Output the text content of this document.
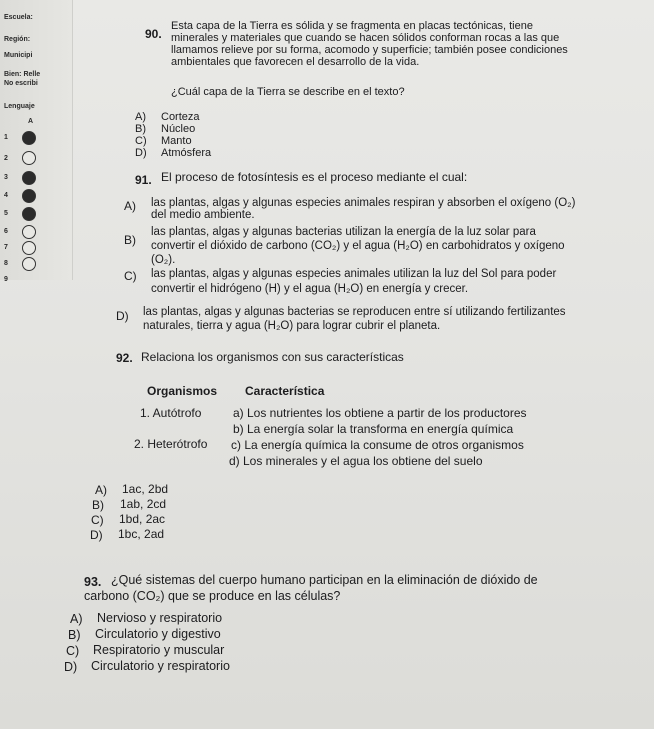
Escuela:
Región:
Municipi
Bien: Relle
No escribi
Lenguaje
A
1
2
3
4
5
6
7
8
9
90.
Esta capa de la Tierra es sólida y se fragmenta en placas tectónicas, tiene
minerales y materiales que cuando se hacen sólidos conforman rocas a las que
llamamos relieve por su forma, acomodo y superficie; también posee condiciones
ambientales que favorecen el desarrollo de la vida.
¿Cuál capa de la Tierra se describe en el texto?
A) Corteza
B) Núcleo
C) Manto
D) Atmósfera
91. El proceso de fotosíntesis es el proceso mediante el cual:
A) las plantas, algas y algunas especies animales respiran y absorben el oxígeno (O₂)
del medio ambiente.
B)
las plantas, algas y algunas bacterias utilizan la energía de la luz solar para
convertir el dióxido de carbono (CO₂) y el agua (H₂O) en carbohidratos y oxígeno
(O₂).
C) las plantas, algas y algunas especies animales utilizan la luz del Sol para poder
convertir el hidrógeno (H) y el agua (H₂O) en energía y crecer.
D) las plantas, algas y algunas bacterias se reproducen entre sí utilizando fertilizantes
naturales, tierra y agua (H₂O) para lograr cubrir el planeta.
92. Relaciona los organismos con sus características
Organismos Característica
1. Autótrofo
2. Heterótrofo
a) Los nutrientes los obtiene a partir de los productores
b) La energía solar la transforma en energía química
c) La energía química la consume de otros organismos
d) Los minerales y el agua los obtiene del suelo
A) 1ac, 2bd
B) 1ab, 2cd
C) 1bd, 2ac
D) 1bc, 2ad
93. ¿Qué sistemas del cuerpo humano participan en la eliminación de dióxido de
carbono (CO₂) que se produce en las células?
A) Nervioso y respiratorio
B) Circulatorio y digestivo
C) Respiratorio y muscular
D) Circulatorio y respiratorio
